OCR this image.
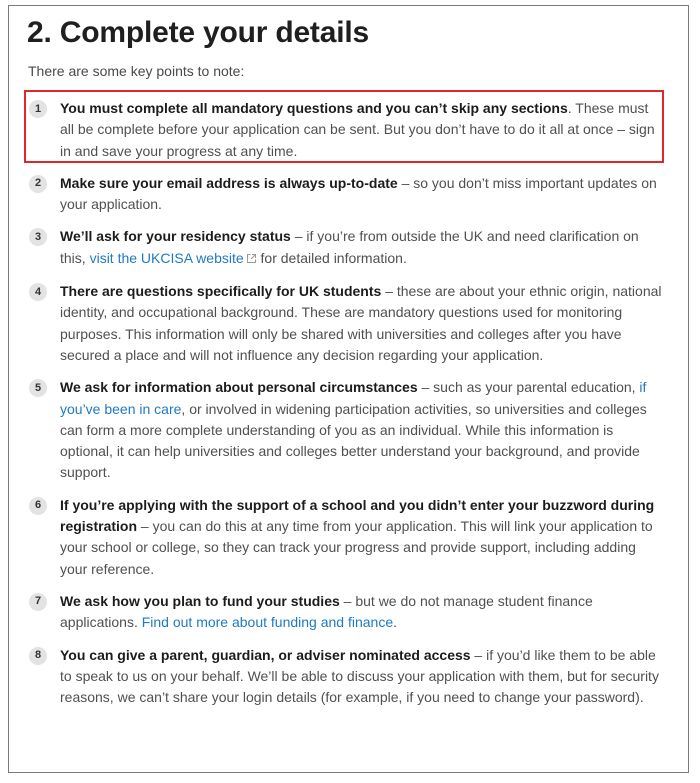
2. Complete your details

There are some key points to note:

1	You must complete all mandatory questions and you can’t skip any sections. These must all be complete before your application can be sent. But you don’t have to do it all at once – sign in and save your progress at any time.
2	Make sure your email address is always up-to-date – so you don’t miss important updates on your application.
3	We’ll ask for your residency status – if you’re from outside the UK and need clarification on this, visit the UKCISA website for detailed information.
4	There are questions specifically for UK students – these are about your ethnic origin, national identity, and occupational background. These are mandatory questions used for monitoring purposes. This information will only be shared with universities and colleges after you have secured a place and will not influence any decision regarding your application.
5	We ask for information about personal circumstances – such as your parental education, if you’ve been in care, or involved in widening participation activities, so universities and colleges can form a more complete understanding of you as an individual. While this information is optional, it can help universities and colleges better understand your background, and provide support.
6	If you’re applying with the support of a school and you didn’t enter your buzzword during registration – you can do this at any time from your application. This will link your application to your school or college, so they can track your progress and provide support, including adding your reference.
7	We ask how you plan to fund your studies – but we do not manage student finance applications. Find out more about funding and finance.
8	You can give a parent, guardian, or adviser nominated access – if you’d like them to be able to speak to us on your behalf. We’ll be able to discuss your application with them, but for security reasons, we can’t share your login details (for example, if you need to change your password).
